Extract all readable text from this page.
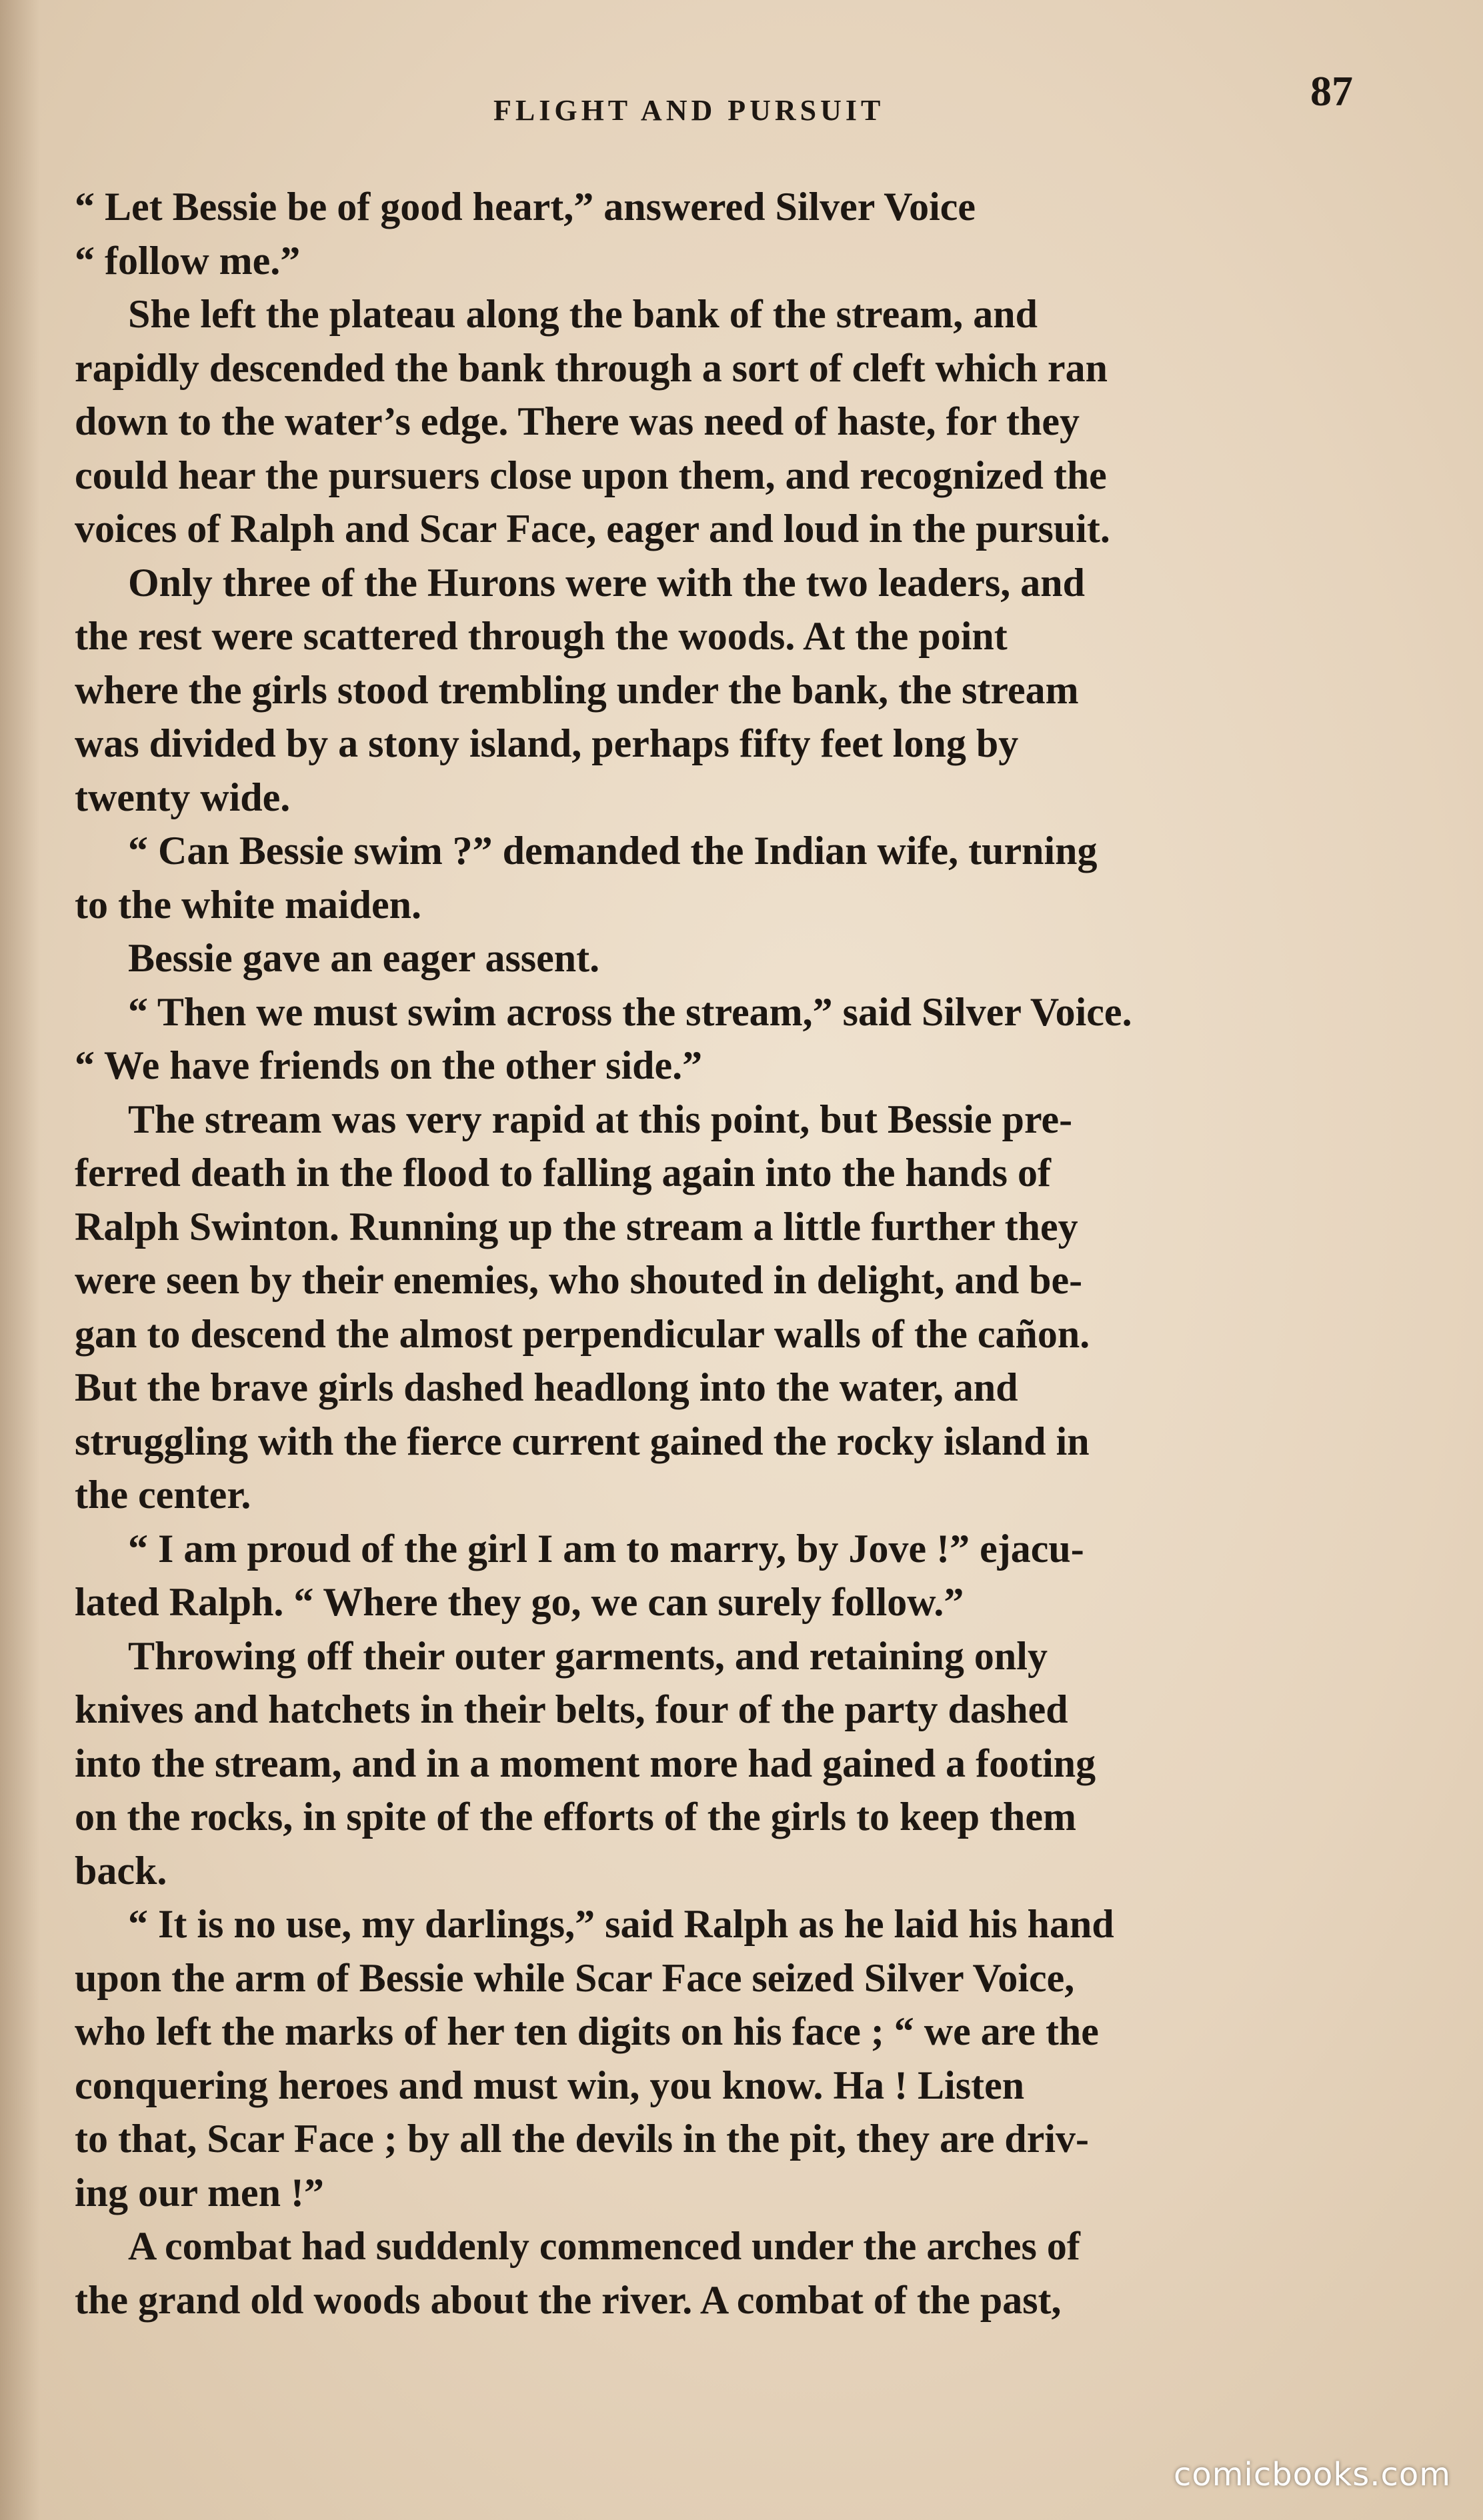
FLIGHT AND PURSUIT	87
“ Let Bessie be of good heart,” answered Silver Voice
“ follow me.”
She left the plateau along the bank of the stream, and
rapidly descended the bank through a sort of cleft which ran
down to the water’s edge. There was need of haste, for they
could hear the pursuers close upon them, and recognized the
voices of Ralph and Scar Face, eager and loud in the pursuit.
Only three of the Hurons were with the two leaders, and
the rest were scattered through the woods. At the point
where the girls stood trembling under the bank, the stream
was divided by a stony island, perhaps fifty feet long by
twenty wide.
“ Can Bessie swim ?” demanded the Indian wife, turning
to the white maiden.
Bessie gave an eager assent.
“ Then we must swim across the stream,” said Silver Voice.
“ We have friends on the other side.”
The stream was very rapid at this point, but Bessie pre-
ferred death in the flood to falling again into the hands of
Ralph Swinton. Running up the stream a little further they
were seen by their enemies, who shouted in delight, and be-
gan to descend the almost perpendicular walls of the cañon.
But the brave girls dashed headlong into the water, and
struggling with the fierce current gained the rocky island in
the center.
“ I am proud of the girl I am to marry, by Jove !” ejacu-
lated Ralph. “ Where they go, we can surely follow.”
Throwing off their outer garments, and retaining only
knives and hatchets in their belts, four of the party dashed
into the stream, and in a moment more had gained a footing
on the rocks, in spite of the efforts of the girls to keep them
back.
“ It is no use, my darlings,” said Ralph as he laid his hand
upon the arm of Bessie while Scar Face seized Silver Voice,
who left the marks of her ten digits on his face ; “ we are the
conquering heroes and must win, you know. Ha ! Listen
to that, Scar Face ; by all the devils in the pit, they are driv-
ing our men !”
A combat had suddenly commenced under the arches of
the grand old woods about the river. A combat of the past,
comicbooks.com
